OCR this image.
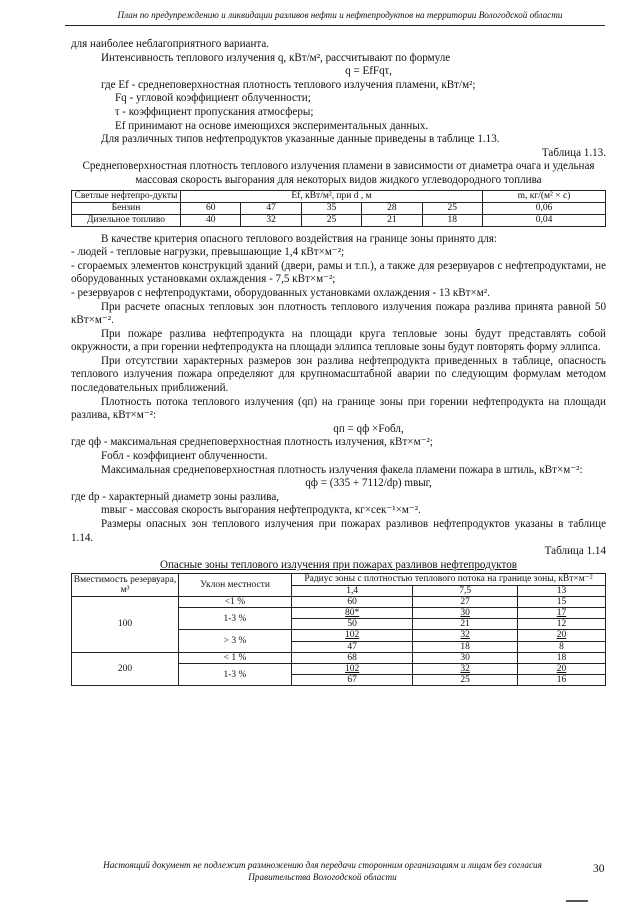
План по предупреждению и ликвидации разливов нефти и нефтепродуктов на территории Вологодской области

для наиболее неблагоприятного варианта.

Интенсивность теплового излучения q, кВт/м², рассчитывают по формуле

q = EfFqτ,

где Ef - среднеповерхностная плотность теплового излучения пламени, кВт/м²;

Fq - угловой коэффициент облученности;

τ - коэффициент пропускания атмосферы;

Ef принимают на основе имеющихся экспериментальных данных.

Для различных типов нефтепродуктов указанные данные приведены в таблице 1.13.

Таблица 1.13.

Среднеповерхностная плотность теплового излучения пламени в зависимости от диаметра очага и удельная массовая скорость выгорания для некоторых видов жидкого углеводородного топлива

Светлые нефтепро-дукты	Ef, кВт/м², при d , м					m, кг/(м² × с)
Бензин	60	47	35	28	25	0,06
Дизельное топливо	40	32	25	21	18	0,04

В качестве критерия опасного теплового воздействия на границе зоны принято для:

- людей - тепловые нагрузки, превышающие 1,4 кВт×м⁻²;

- сгораемых элементов конструкций зданий (двери, рамы и т.п.), а также для резервуаров с нефтепродуктами, не оборудованных установками охлаждения - 7,5 кВт×м⁻²;

- резервуаров с нефтепродуктами, оборудованных установками охлаждения - 13 кВт×м².

При расчете опасных тепловых зон плотность теплового излучения пожара разлива принята равной 50 кВт×м⁻².

При пожаре разлива нефтепродукта на площади круга тепловые зоны будут представлять собой окружности, а при горении нефтепродукта на площади эллипса тепловые зоны будут повторять форму эллипса.

При отсутствии характерных размеров зон разлива нефтепродукта приведенных в таблице, опасность теплового излучения пожара определяют для крупномасштабной аварии по следующим формулам методом последовательных приближений.

Плотность потока теплового излучения (qп) на границе зоны при горении нефтепродукта на площади разлива, кВт×м⁻²:

qп = qф ×Fобл,

где qф - максимальная среднеповерхностная плотность излучения, кВт×м⁻²;

Fобл - коэффициент облученности.

Максимальная среднеповерхностная плотность излучения факела пламени пожара в штиль, кВт×м⁻²:

qф = (335 + 7112/dр) mвыг,

где dр - характерный диаметр зоны разлива,

mвыг - массовая скорость выгорания нефтепродукта, кг×сек⁻¹×м⁻².

Размеры опасных зон теплового излучения при пожарах разливов нефтепродуктов указаны в таблице 1.14.

Таблица 1.14

Опасные зоны теплового излучения при пожарах разливов нефтепродуктов

Вместимость резервуара, м³	Уклон местности	Радиус зоны с плотностью теплового потока на границе зоны, кВт×м⁻²		
		1,4	7,5	13
100	<1 %	60	27	15
	1-3 %	80*	30	17
		50	21	12
	> 3 %	102	32	20
		47	18	8
200	< 1 %	68	30	18
	1-3 %	102	32	20
		67	25	16
Настоящий документ не подлежит размножению для передачи сторонним организациям и лицам без согласия Правительства Вологодской области
30
